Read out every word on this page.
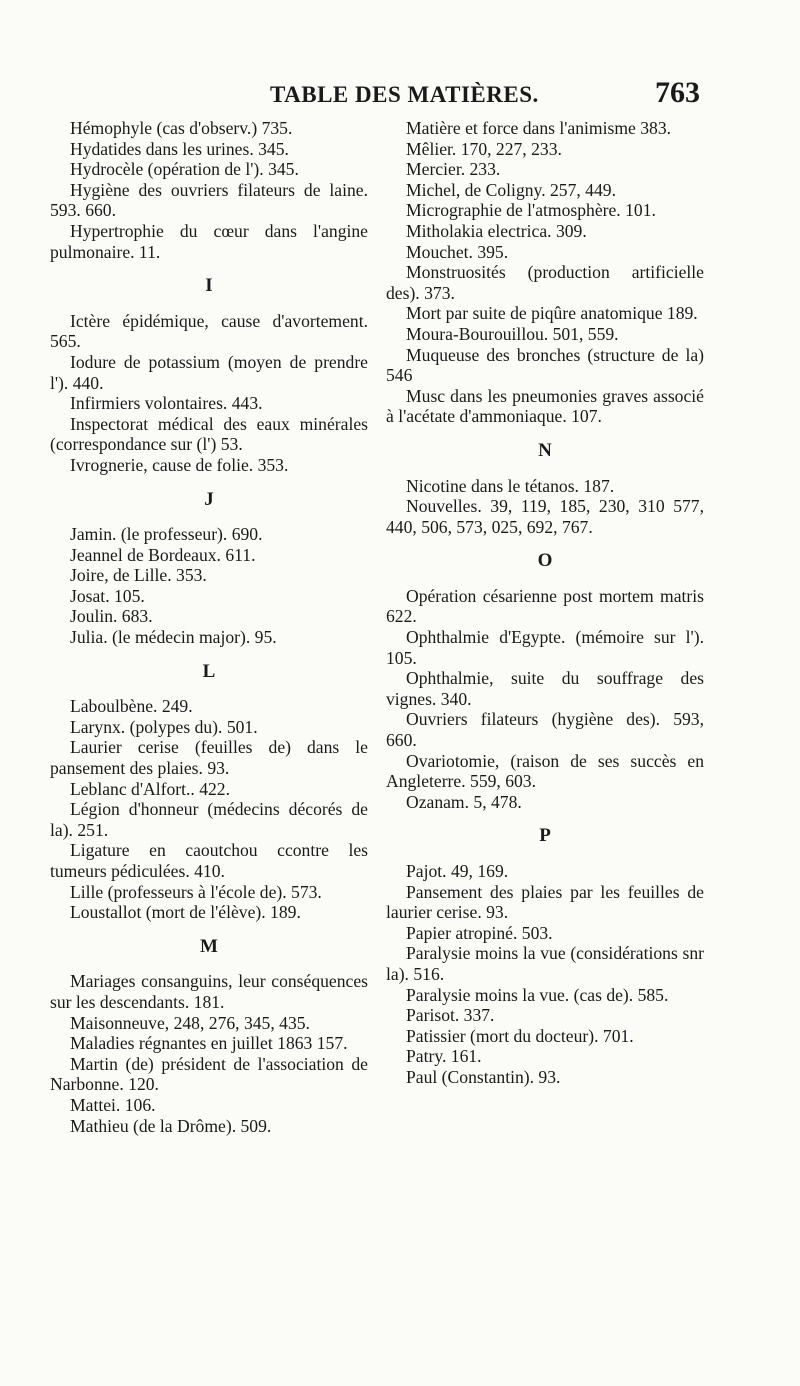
TABLE DES MATIÈRES.	763
Hémophyle (cas d'observ.) 735.
Hydatides dans les urines. 345.
Hydrocèle (opération de l'). 345.
Hygiène des ouvriers filateurs de laine. 593. 660.
Hypertrophie du cœur dans l'angine pulmonaire. 11.
I
Ictère épidémique, cause d'avortement. 565.
Iodure de potassium (moyen de prendre l'). 440.
Infirmiers volontaires. 443.
Inspectorat médical des eaux minérales (correspondance sur (l') 53.
Ivrognerie, cause de folie. 353.
J
Jamin. (le professeur). 690.
Jeannel de Bordeaux. 611.
Joire, de Lille. 353.
Josat. 105.
Joulin. 683.
Julia. (le médecin major). 95.
L
Laboulbène. 249.
Larynx. (polypes du). 501.
Laurier cerise (feuilles de) dans le pansement des plaies. 93.
Leblanc d'Alfort.. 422.
Légion d'honneur (médecins décorés de la). 251.
Ligature en caoutchou ccontre les tumeurs pédiculées. 410.
Lille (professeurs à l'école de). 573.
Loustallot (mort de l'élève). 189.
M
Mariages consanguins, leur conséquences sur les descendants. 181.
Maisonneuve, 248, 276, 345, 435.
Maladies régnantes en juillet 1863 157.
Martin (de) président de l'association de Narbonne. 120.
Mattei. 106.
Mathieu (de la Drôme). 509.
Matière et force dans l'animisme 383.
Mêlier. 170, 227, 233.
Mercier. 233.
Michel, de Coligny. 257, 449.
Micrographie de l'atmosphère. 101.
Mitholakia electrica. 309.
Mouchet. 395.
Monstruosités (production artificielle des). 373.
Mort par suite de piqûre anatomique 189.
Moura-Bourouillou. 501, 559.
Muqueuse des bronches (structure de la) 546
Musc dans les pneumonies graves associé à l'acétate d'ammoniaque. 107.
N
Nicotine dans le tétanos. 187.
Nouvelles. 39, 119, 185, 230, 310 577, 440, 506, 573, 025, 692, 767.
O
Opération césarienne post mortem matris 622.
Ophthalmie d'Egypte. (mémoire sur l'). 105.
Ophthalmie, suite du souffrage des vignes. 340.
Ouvriers filateurs (hygiène des). 593, 660.
Ovariotomie, (raison de ses succès en Angleterre. 559, 603.
Ozanam. 5, 478.
P
Pajot. 49, 169.
Pansement des plaies par les feuilles de laurier cerise. 93.
Papier atropiné. 503.
Paralysie moins la vue (considérations snr la). 516.
Paralysie moins la vue. (cas de). 585.
Parisot. 337.
Patissier (mort du docteur). 701.
Patry. 161.
Paul (Constantin). 93.
